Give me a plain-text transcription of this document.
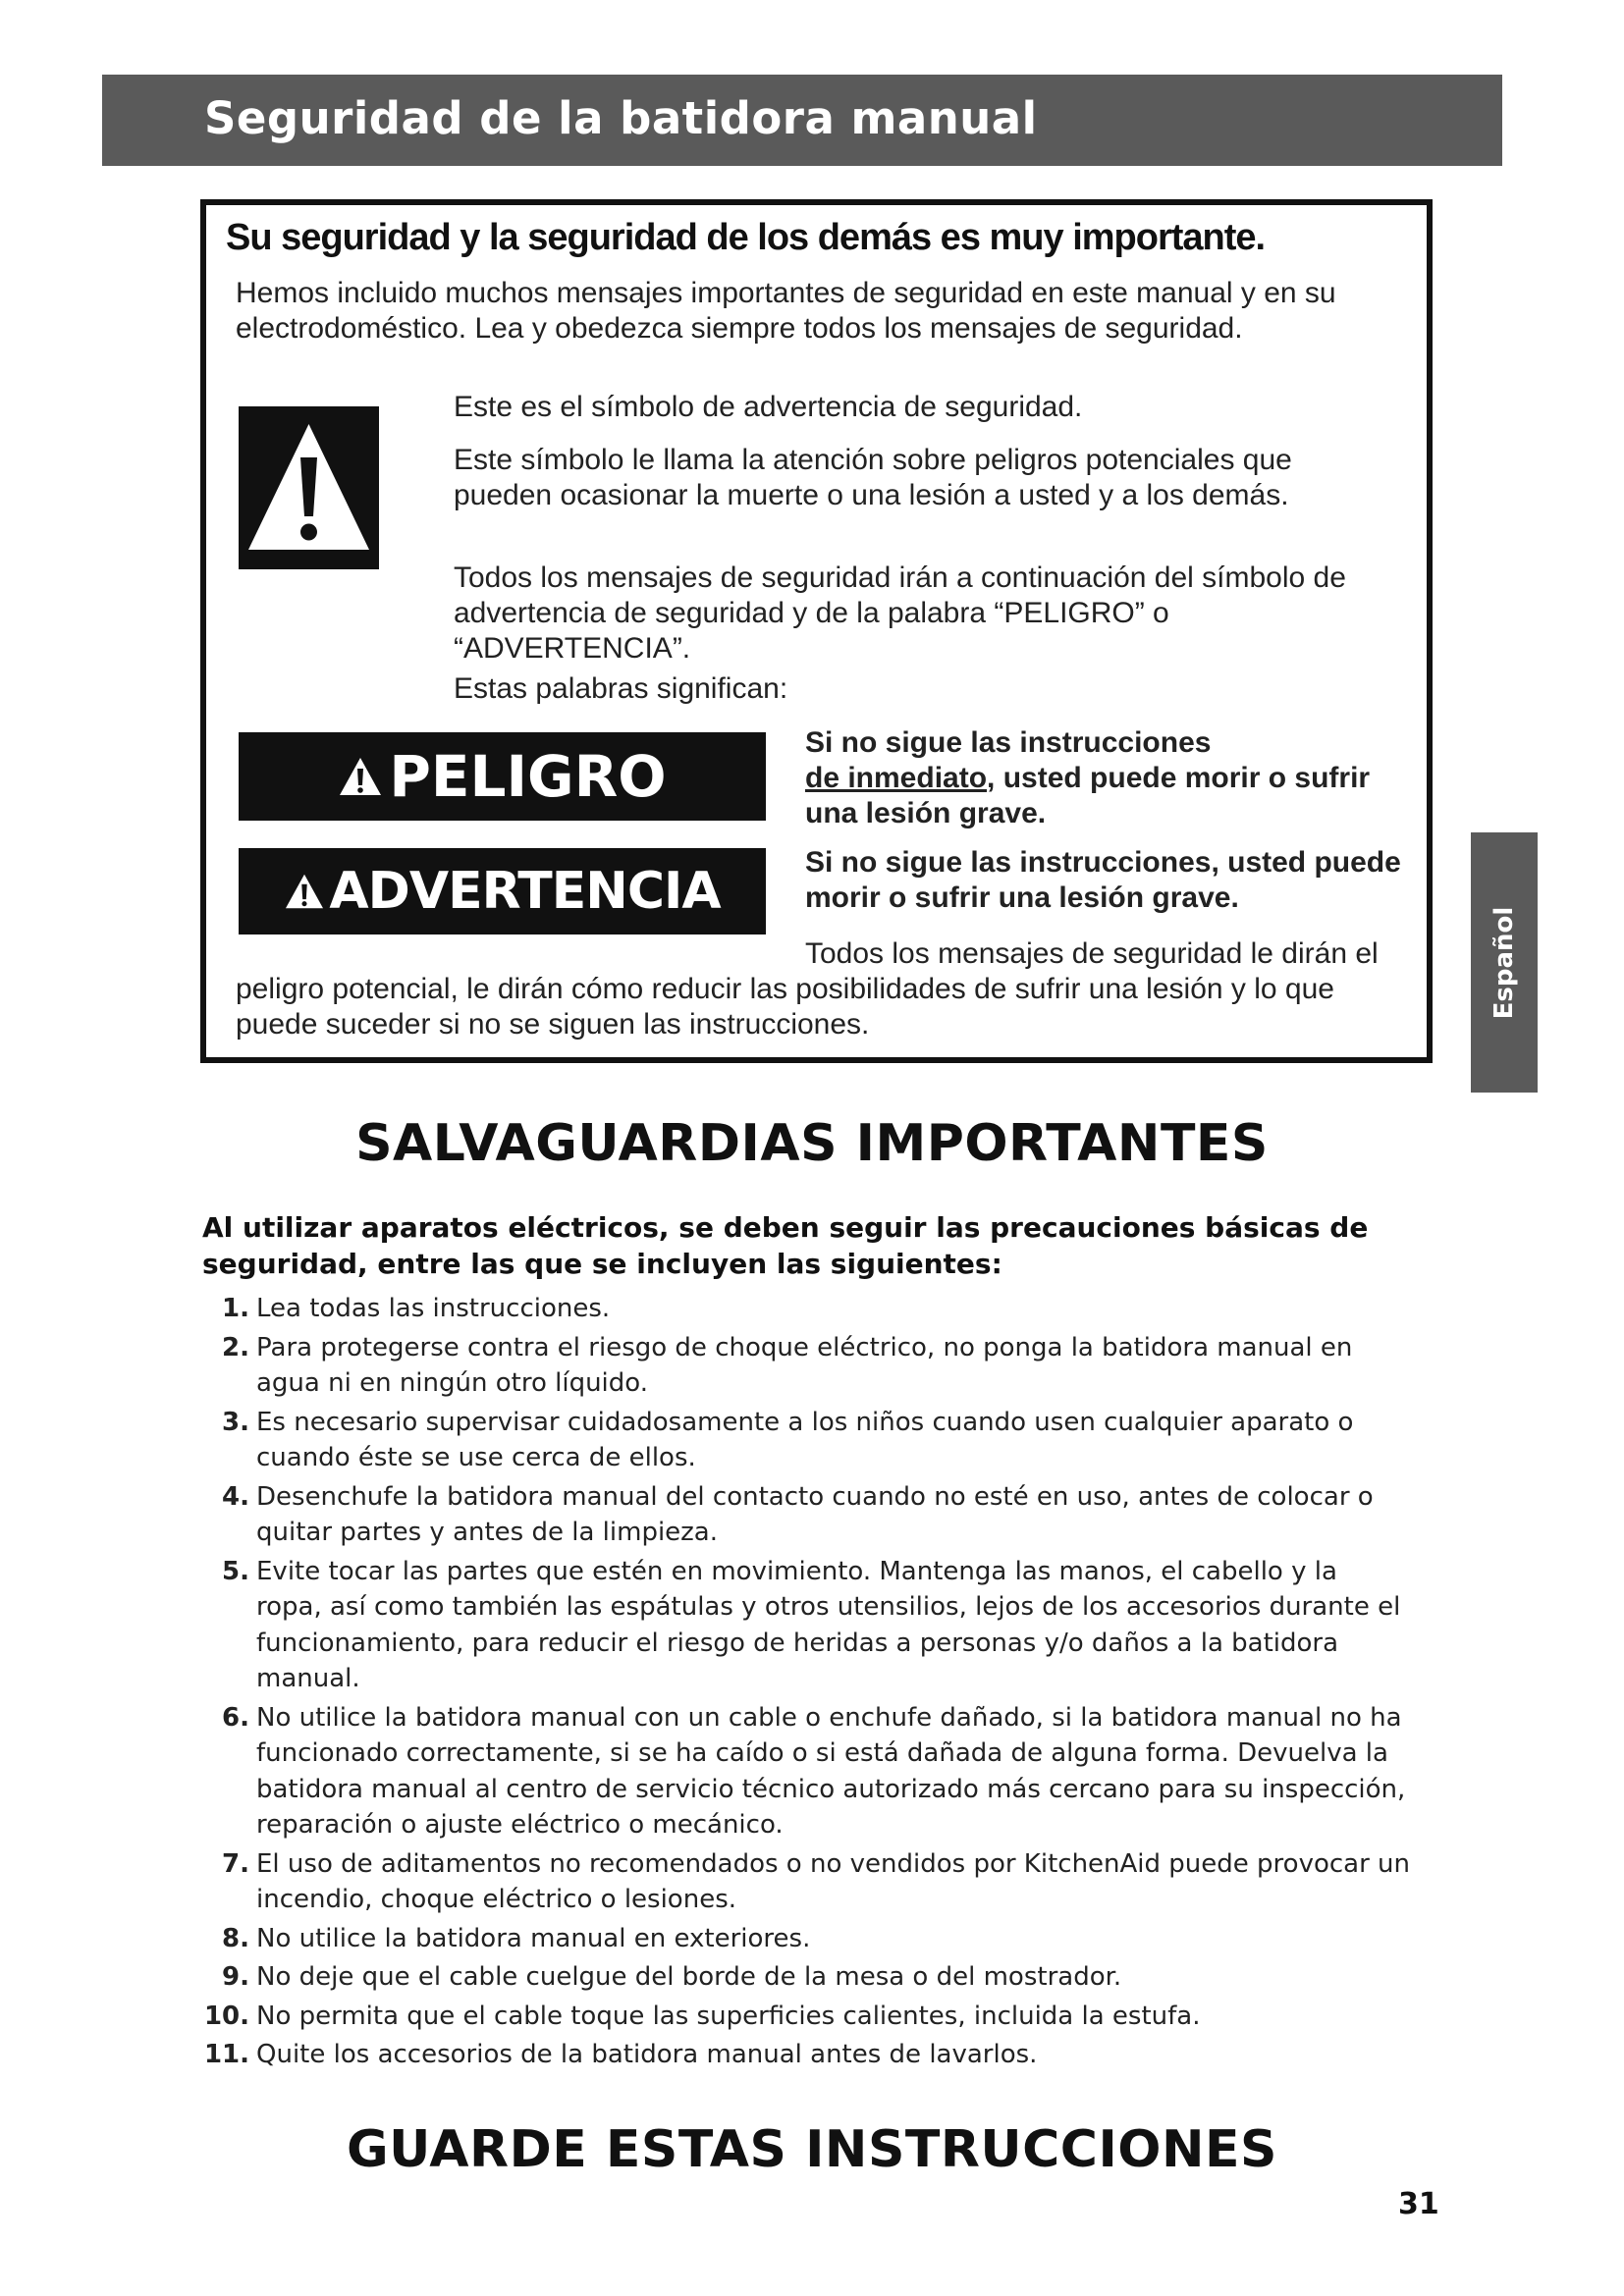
Seguridad de la batidora manual
Su seguridad y la seguridad de los demás es muy importante.

Hemos incluido muchos mensajes importantes de seguridad en este manual y en su electrodoméstico. Lea y obedezca siempre todos los mensajes de seguridad.

Este es el símbolo de advertencia de seguridad.

Este símbolo le llama la atención sobre peligros potenciales que pueden ocasionar la muerte o una lesión a usted y a los demás.

Todos los mensajes de seguridad irán a continuación del símbolo de advertencia de seguridad y de la palabra “PELIGRO” o “ADVERTENCIA”.

Estas palabras significan:

PELIGRO

Si no sigue las instrucciones
de inmediato, usted puede morir o sufrir una lesión grave.

ADVERTENCIA	Si no sigue las instrucciones, usted puede morir o sufrir una lesión grave.

Todos los mensajes de seguridad le dirán el peligro potencial, le dirán cómo reducir las posibilidades de sufrir una lesión y lo que puede suceder si no se siguen las instrucciones.

Español
SALVAGUARDIAS IMPORTANTES

Al utilizar aparatos eléctricos, se deben seguir las precauciones básicas de seguridad, entre las que se incluyen las siguientes:

1. Lea todas las instrucciones.
2. Para protegerse contra el riesgo de choque eléctrico, no ponga la batidora manual en agua ni en ningún otro líquido.
3. Es necesario supervisar cuidadosamente a los niños cuando usen cualquier aparato o cuando éste se use cerca de ellos.
4. Desenchufe la batidora manual del contacto cuando no esté en uso, antes de colocar o quitar partes y antes de la limpieza.
5. Evite tocar las partes que estén en movimiento. Mantenga las manos, el cabello y la ropa, así como también las espátulas y otros utensilios, lejos de los accesorios durante el funcionamiento, para reducir el riesgo de heridas a personas y/o daños a la batidora manual.
6. No utilice la batidora manual con un cable o enchufe dañado, si la batidora manual no ha funcionado correctamente, si se ha caído o si está dañada de alguna forma. Devuelva la batidora manual al centro de servicio técnico autorizado más cercano para su inspección, reparación o ajuste eléctrico o mecánico.
7. El uso de aditamentos no recomendados o no vendidos por KitchenAid puede provocar un incendio, choque eléctrico o lesiones.
8. No utilice la batidora manual en exteriores.
9. No deje que el cable cuelgue del borde de la mesa o del mostrador.
10. No permita que el cable toque las superficies calientes, incluida la estufa.
11. Quite los accesorios de la batidora manual antes de lavarlos.
GUARDE ESTAS INSTRUCCIONES
31
